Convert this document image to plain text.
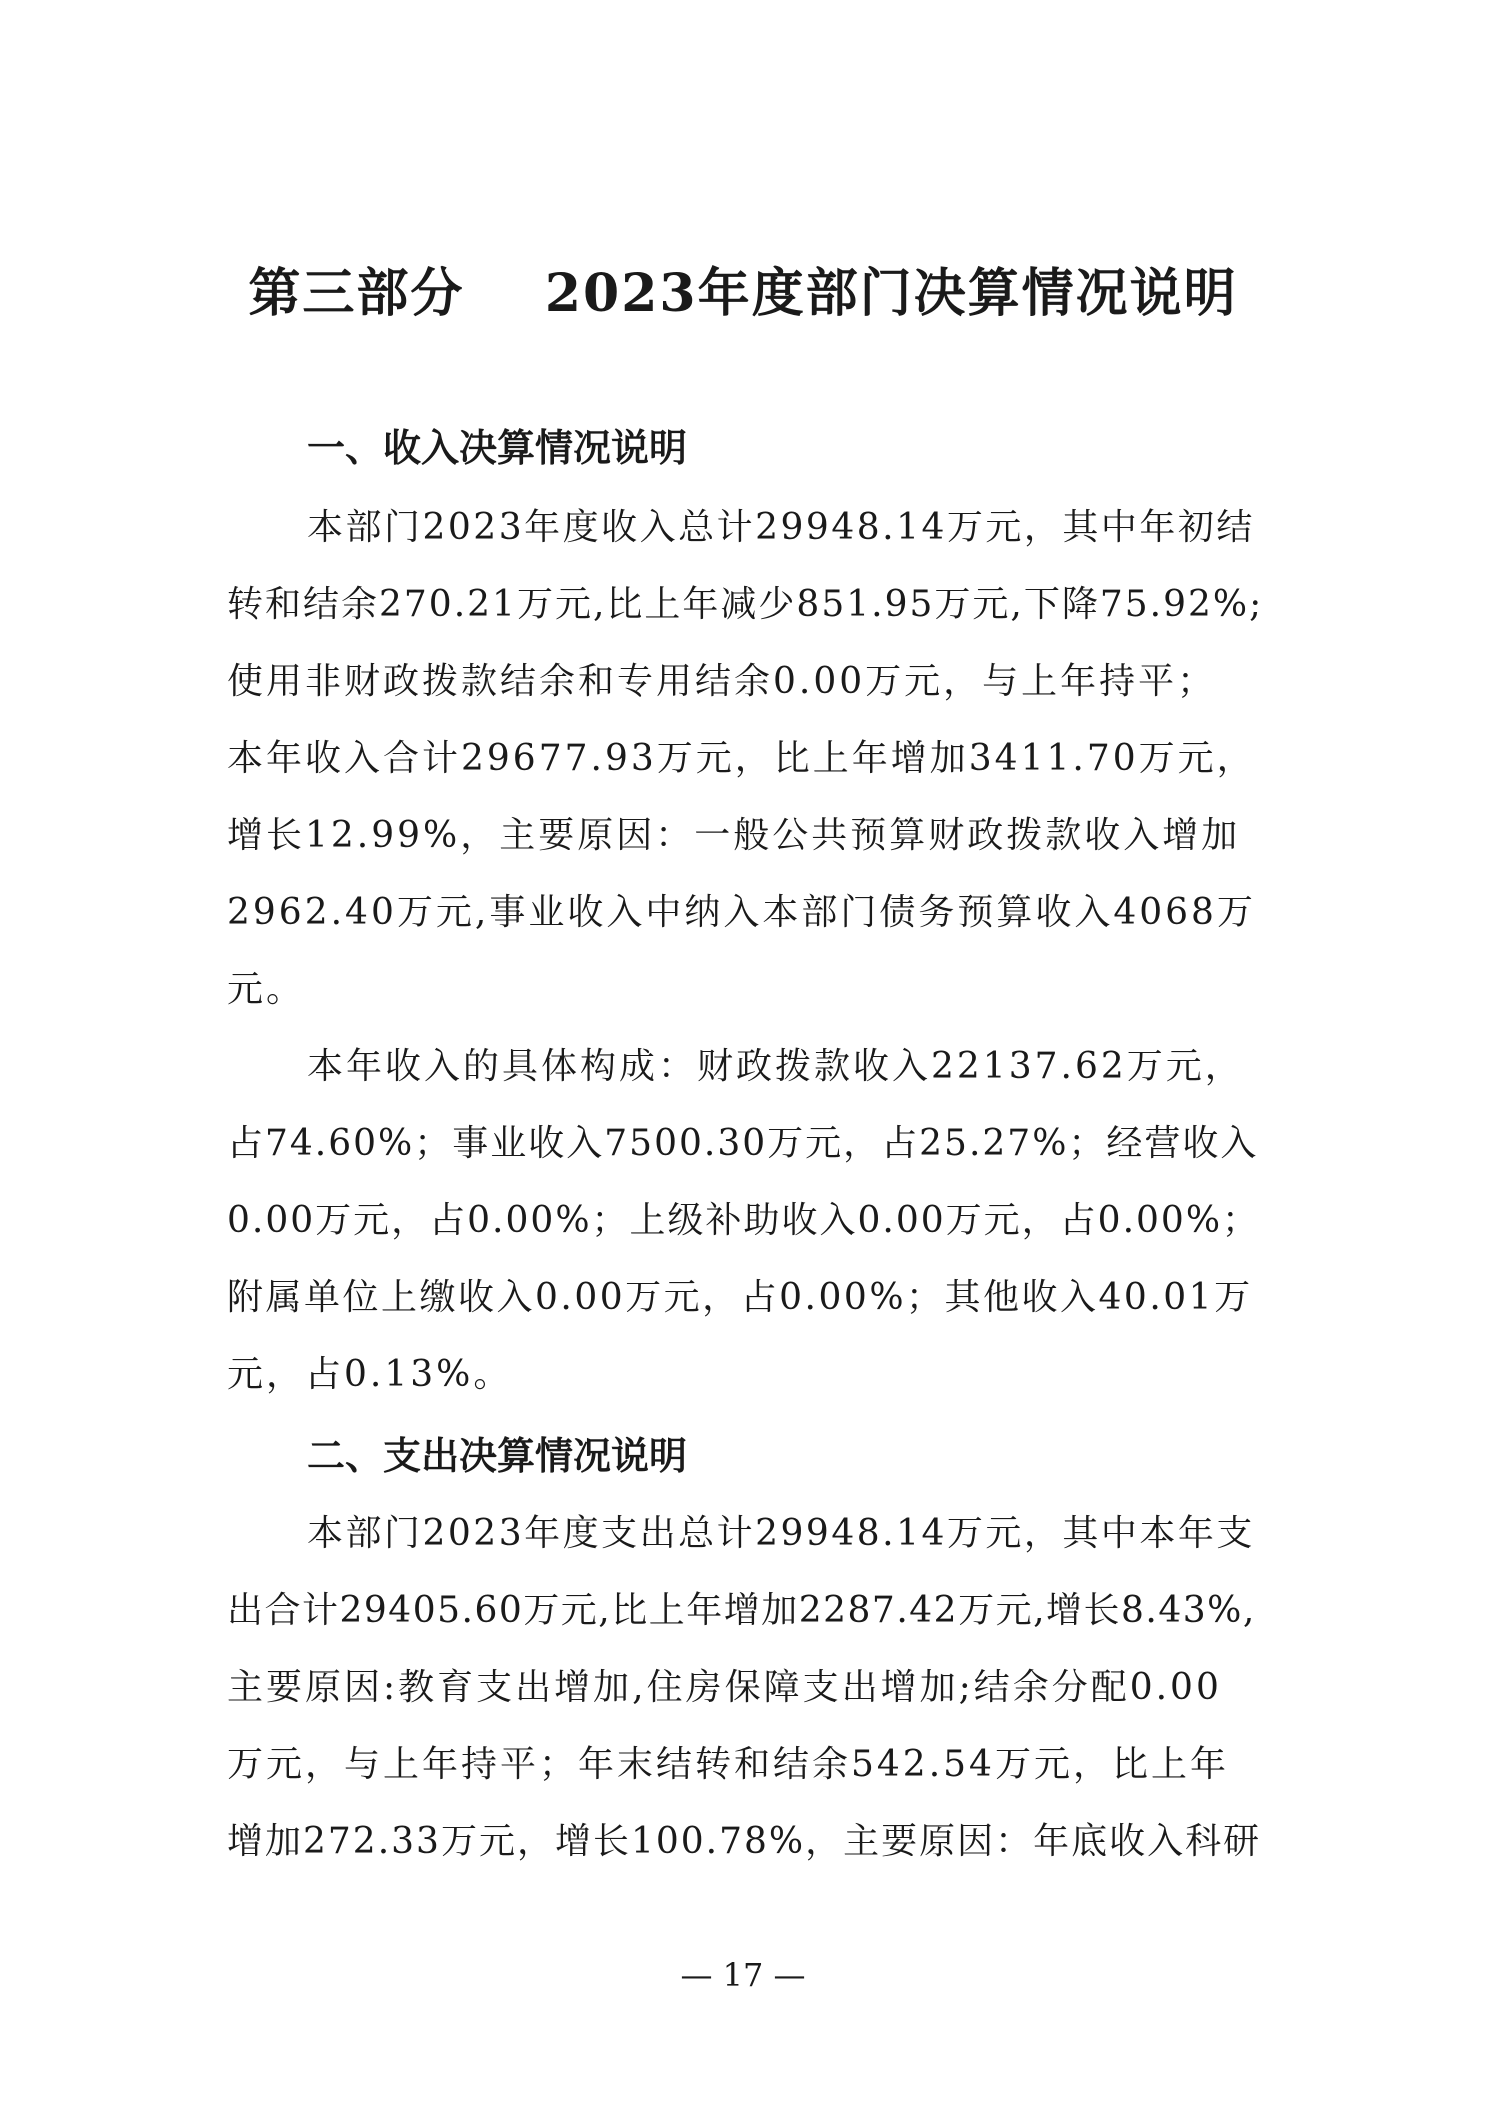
第三部分    2023年度部门决算情况说明
一、收入决算情况说明
本部门2023年度收入总计29948.14万元，其中年初结
转和结余270.21万元,比上年减少851.95万元,下降75.92%;
使用非财政拨款结余和专用结余0.00万元，与上年持平；
本年收入合计29677.93万元，比上年增加3411.70万元，
增长12.99%，主要原因：一般公共预算财政拨款收入增加
2962.40万元,事业收入中纳入本部门债务预算收入4068万
元。
本年收入的具体构成：财政拨款收入22137.62万元，
占74.60%；事业收入7500.30万元，占25.27%；经营收入
0.00万元，占0.00%；上级补助收入0.00万元，占0.00%；
附属单位上缴收入0.00万元，占0.00%；其他收入40.01万
元，占0.13%。
二、支出决算情况说明
本部门2023年度支出总计29948.14万元，其中本年支
出合计29405.60万元,比上年增加2287.42万元,增长8.43%,
主要原因:教育支出增加,住房保障支出增加;结余分配0.00
万元，与上年持平；年末结转和结余542.54万元，比上年
增加272.33万元，增长100.78%，主要原因：年底收入科研
— 17 —
